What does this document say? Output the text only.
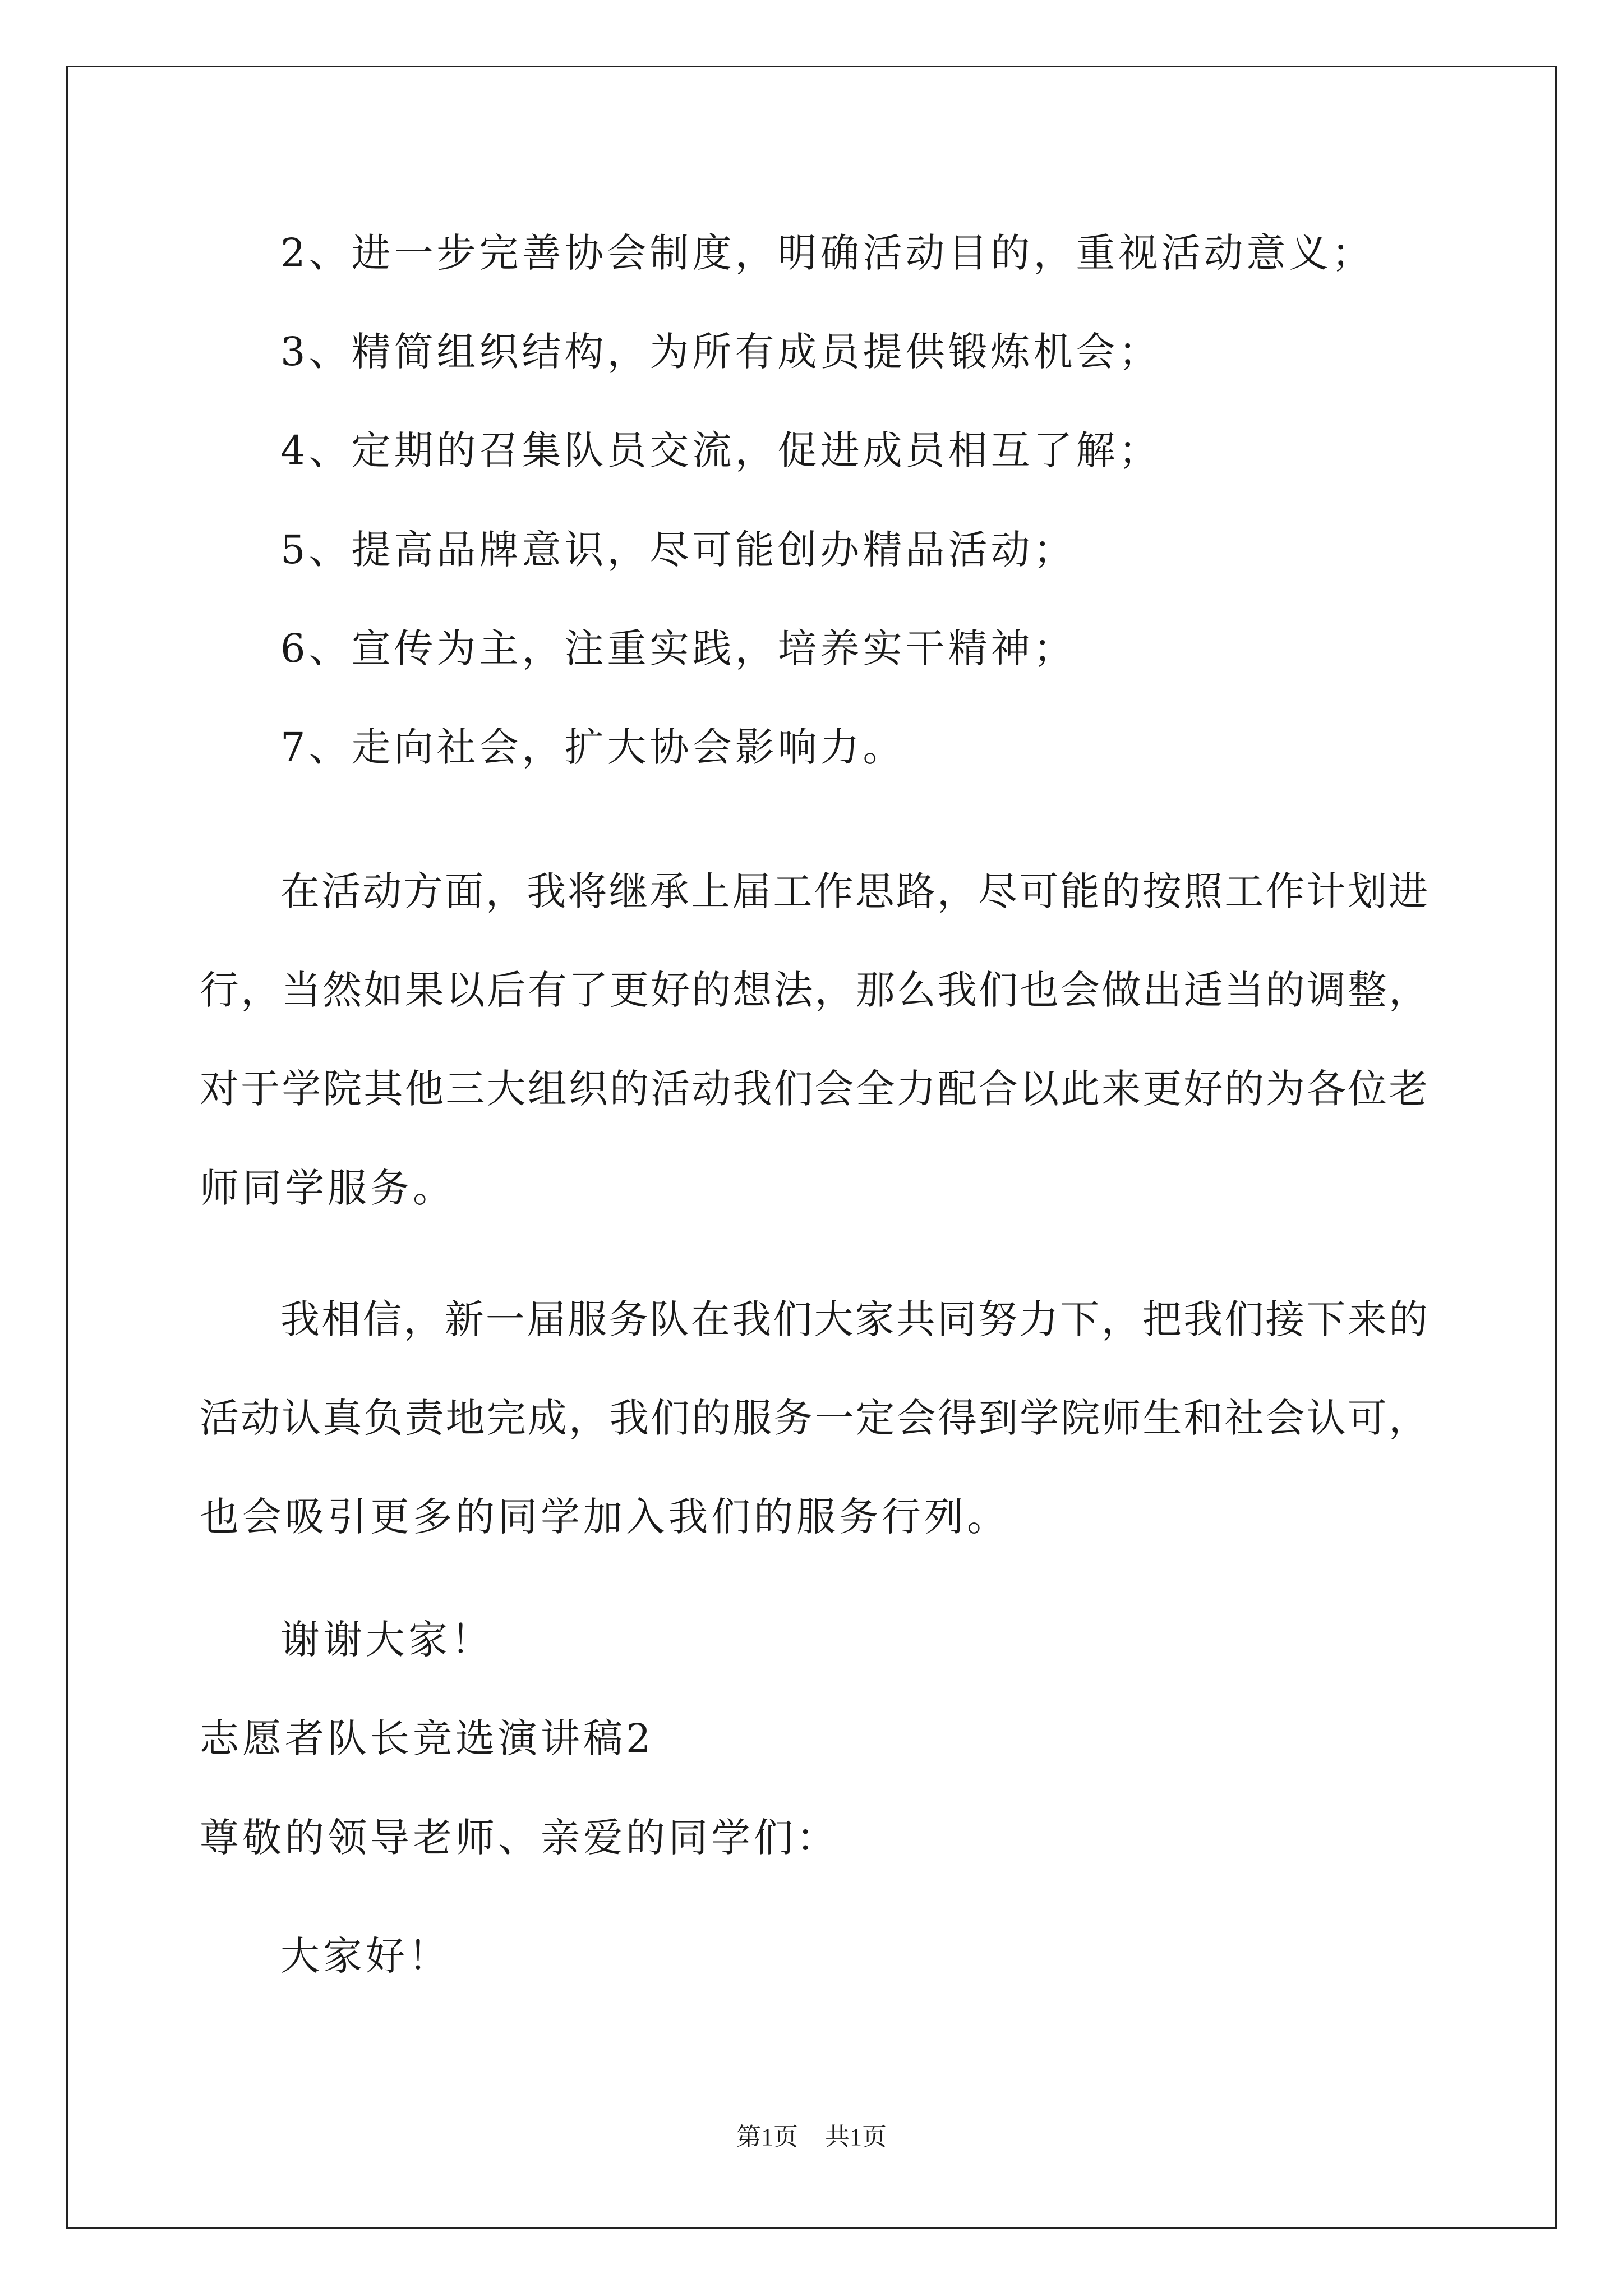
2、进一步完善协会制度，明确活动目的，重视活动意义；
3、精简组织结构，为所有成员提供锻炼机会；
4、定期的召集队员交流，促进成员相互了解；
5、提高品牌意识，尽可能创办精品活动；
6、宣传为主，注重实践，培养实干精神；
7、走向社会，扩大协会影响力。
在活动方面，我将继承上届工作思路，尽可能的按照工作计划进
行，当然如果以后有了更好的想法，那么我们也会做出适当的调整，
对于学院其他三大组织的活动我们会全力配合以此来更好的为各位老
师同学服务。
我相信，新一届服务队在我们大家共同努力下，把我们接下来的
活动认真负责地完成，我们的服务一定会得到学院师生和社会认可，
也会吸引更多的同学加入我们的服务行列。
谢谢大家！
志愿者队长竞选演讲稿2
尊敬的领导老师、亲爱的同学们：
大家好！
第1页 共1页
